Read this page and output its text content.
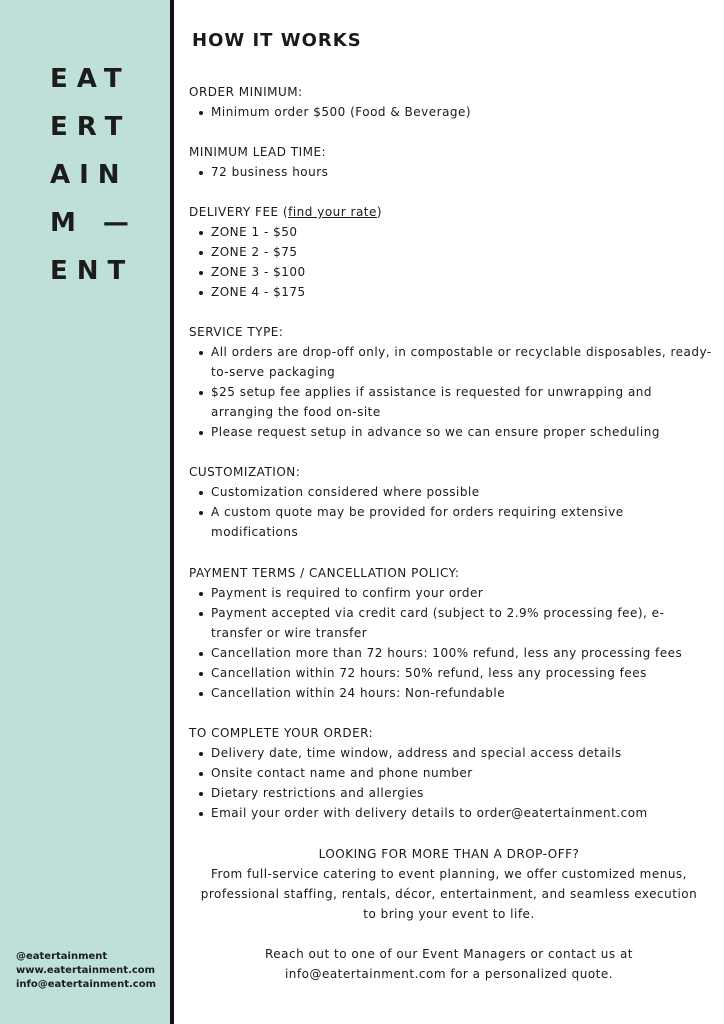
EAT
ERT
AIN
M —
ENT
@eatertainment
www.eatertainment.com
info@eatertainment.com
HOW IT WORKS
ORDER MINIMUM:
Minimum order $500 (Food & Beverage)
MINIMUM LEAD TIME:
72 business hours
DELIVERY FEE (find your rate)
ZONE 1 - $50
ZONE 2 - $75
ZONE 3 - $100
ZONE 4 - $175
SERVICE TYPE:
All orders are drop-off only, in compostable or recyclable disposables, ready-to-serve packaging
$25 setup fee applies if assistance is requested for unwrapping and arranging the food on-site
Please request setup in advance so we can ensure proper scheduling
CUSTOMIZATION:
Customization considered where possible
A custom quote may be provided for orders requiring extensive modifications
PAYMENT TERMS / CANCELLATION POLICY:
Payment is required to confirm your order
Payment accepted via credit card (subject to 2.9% processing fee), e-transfer or wire transfer
Cancellation more than 72 hours: 100% refund, less any processing fees
Cancellation within 72 hours: 50% refund, less any processing fees
Cancellation within 24 hours: Non-refundable
TO COMPLETE YOUR ORDER:
Delivery date, time window, address and special access details
Onsite contact name and phone number
Dietary restrictions and allergies
Email your order with delivery details to order@eatertainment.com
LOOKING FOR MORE THAN A DROP-OFF?
From full-service catering to event planning, we offer customized menus,
professional staffing, rentals, décor, entertainment, and seamless execution
to bring your event to life.
Reach out to one of our Event Managers or contact us at
info@eatertainment.com for a personalized quote.
